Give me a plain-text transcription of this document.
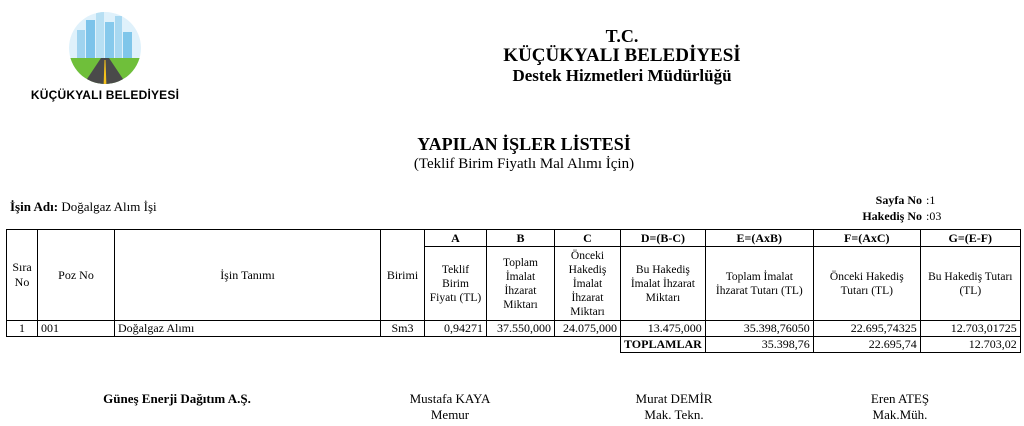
KÜÇÜKYALI BELEDİYESİ
T.C.
KÜÇÜKYALI BELEDİYESİ
Destek Hizmetleri Müdürlüğü
YAPILAN İŞLER LİSTESİ
(Teklif Birim Fiyatlı Mal Alımı İçin)
İşin Adı: Doğalgaz Alım İşi	Sayfa No :1
Hakediş No :03
Sıra No	Poz No	İşin Tanımı	Birimi	A	B	C	D=(B-C)	E=(AxB)	F=(AxC)	G=(E-F)
				Teklif Birim Fiyatı (TL)	Toplam İmalat İhzarat Miktarı	Önceki Hakediş İmalat İhzarat Miktarı	Bu Hakediş İmalat İhzarat Miktarı	Toplam İmalat İhzarat Tutarı (TL)	Önceki Hakediş Tutarı (TL)	Bu Hakediş Tutarı (TL)
1	001	Doğalgaz Alımı	Sm3	0,94271	37.550,000	24.075,000	13.475,000	35.398,76050	22.695,74325	12.703,01725
							TOPLAMLAR	35.398,76	22.695,74	12.703,02
Güneş Enerji Dağıtım A.Ş.	Mustafa KAYA
Memur
Murat DEMİR
Mak. Tekn.
Eren ATEŞ
Mak.Müh.
